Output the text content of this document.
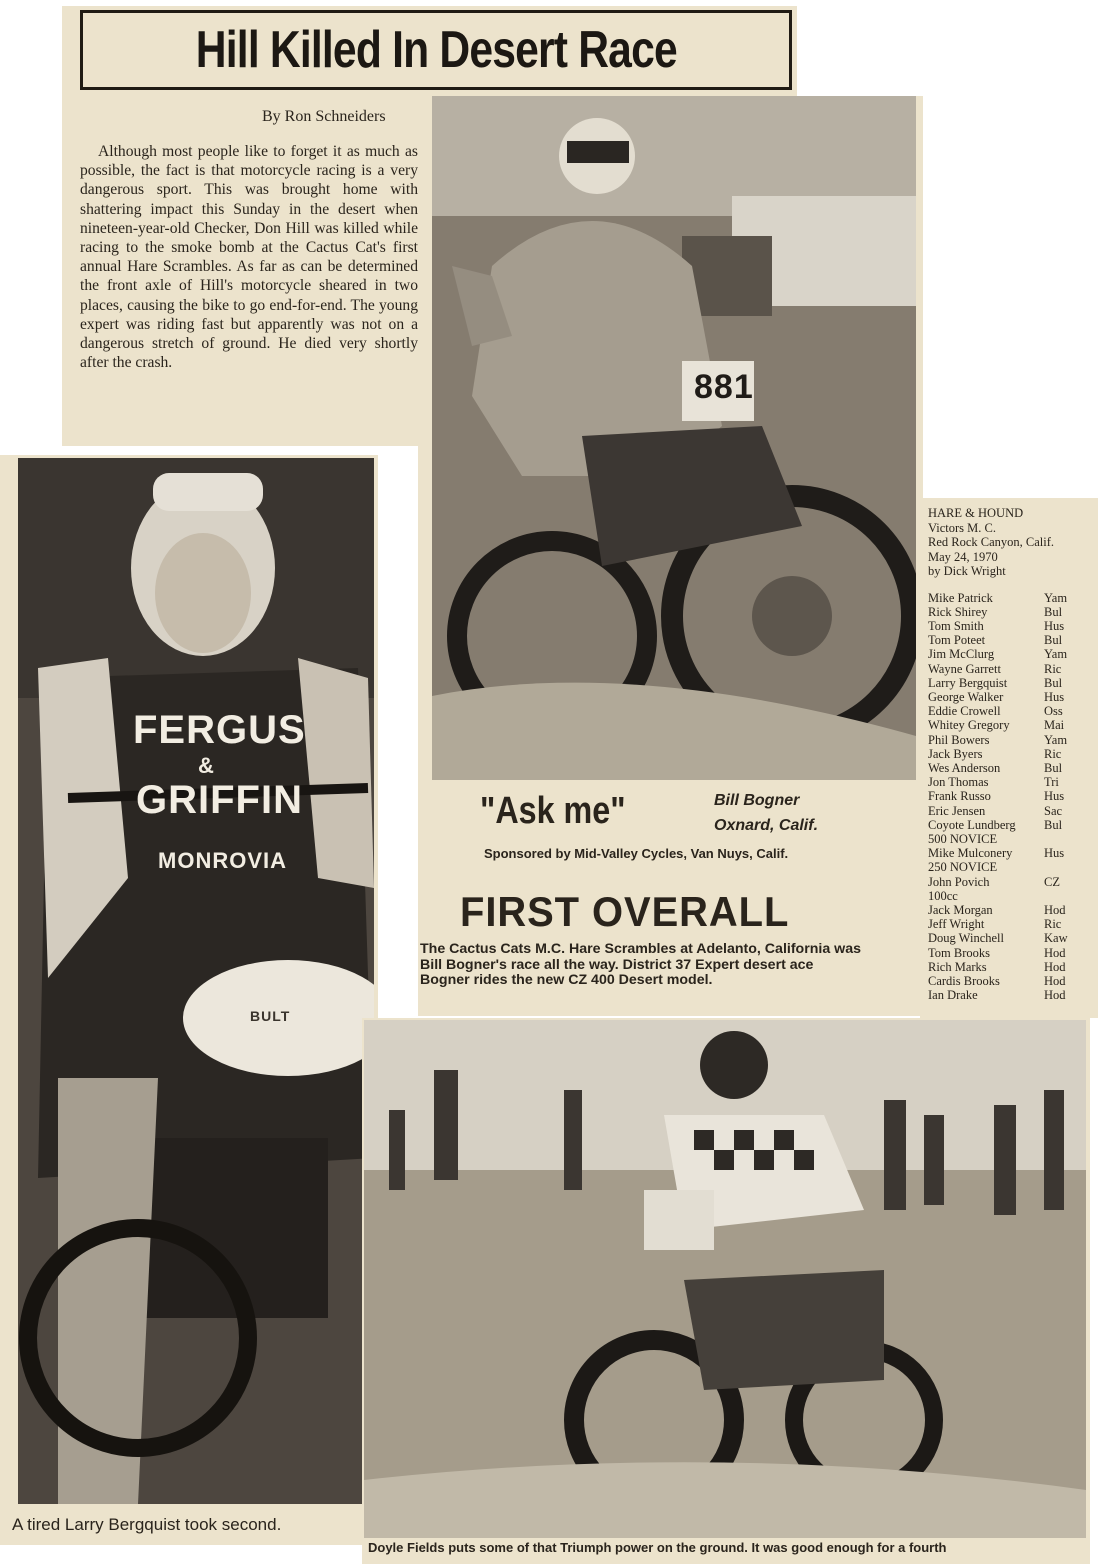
Hill Killed In Desert Race
By Ron Schneiders

Although most people like to forget it as much as possible, the fact is that motorcycle racing is a very dangerous sport. This was brought home with shattering impact this Sunday in the desert when nineteen-year-old Checker, Don Hill was killed while racing to the smoke bomb at the Cactus Cat's first annual Hare Scrambles. As far as can be determined the front axle of Hill's motorcycle sheared in two places, causing the bike to go end-for-end. The young expert was riding fast but apparently was not on a dangerous stretch of ground. He died very shortly after the crash.

881
"Ask me"	Bill Bogner
Oxnard, Calif.
Sponsored by Mid-Valley Cycles, Van Nuys, Calif.
FIRST OVERALL

The Cactus Cats M.C. Hare Scrambles at Adelanto, California was Bill Bogner's race all the way. District 37 Expert desert ace Bogner rides the new CZ 400 Desert model.

HARE & HOUND
Victors M. C.
Red Rock Canyon, Calif.
May 24, 1970
by Dick Wright
Mike Patrick	Yam
Rick Shirey	Bul
Tom Smith	Hus
Tom Poteet	Bul
Jim McClurg	Yam
Wayne Garrett	Ric
Larry Bergquist	Bul
George Walker	Hus
Eddie Crowell	Oss
Whitey Gregory	Mai
Phil Bowers	Yam
Jack Byers	Ric
Wes Anderson	Bul
Jon Thomas	Tri
Frank Russo	Hus
Eric Jensen	Sac
Coyote Lundberg Bul
500 NOVICE
Mike Mulconery	Hus
250 NOVICE
John Povich	CZ
100cc
Jack Morgan	Hod
Jeff Wright	Ric
Doug Winchell	Kaw
Tom Brooks	Hod
Rich Marks	Hod
Cardis Brooks	Hod
Ian Drake	Hod
FERGUS
&
GRIFFIN
MONROVIA
BULT
A tired Larry Bergquist took second.
Doyle Fields puts some of that Triumph power on the ground. It was good enough for a fourth
